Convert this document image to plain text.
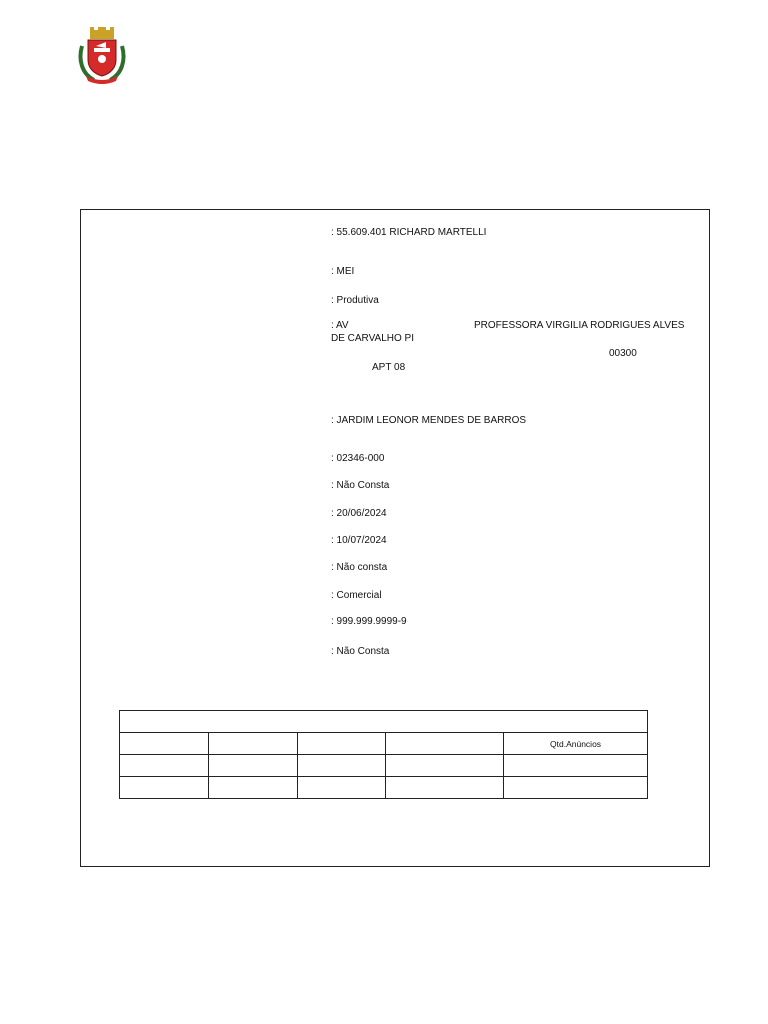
: 55.609.401 RICHARD MARTELLI
: MEI
: Produtiva
: AV	PROFESSORA VIRGILIA RODRIGUES ALVES
DE CARVALHO PI
00300
APT 08
: JARDIM LEONOR MENDES DE BARROS
: 02346-000
: Não Consta
: 20/06/2024
: 10/07/2024
: Não consta
: Comercial
: 999.999.9999-9
: Não Consta

				Qtd.Anúncios
